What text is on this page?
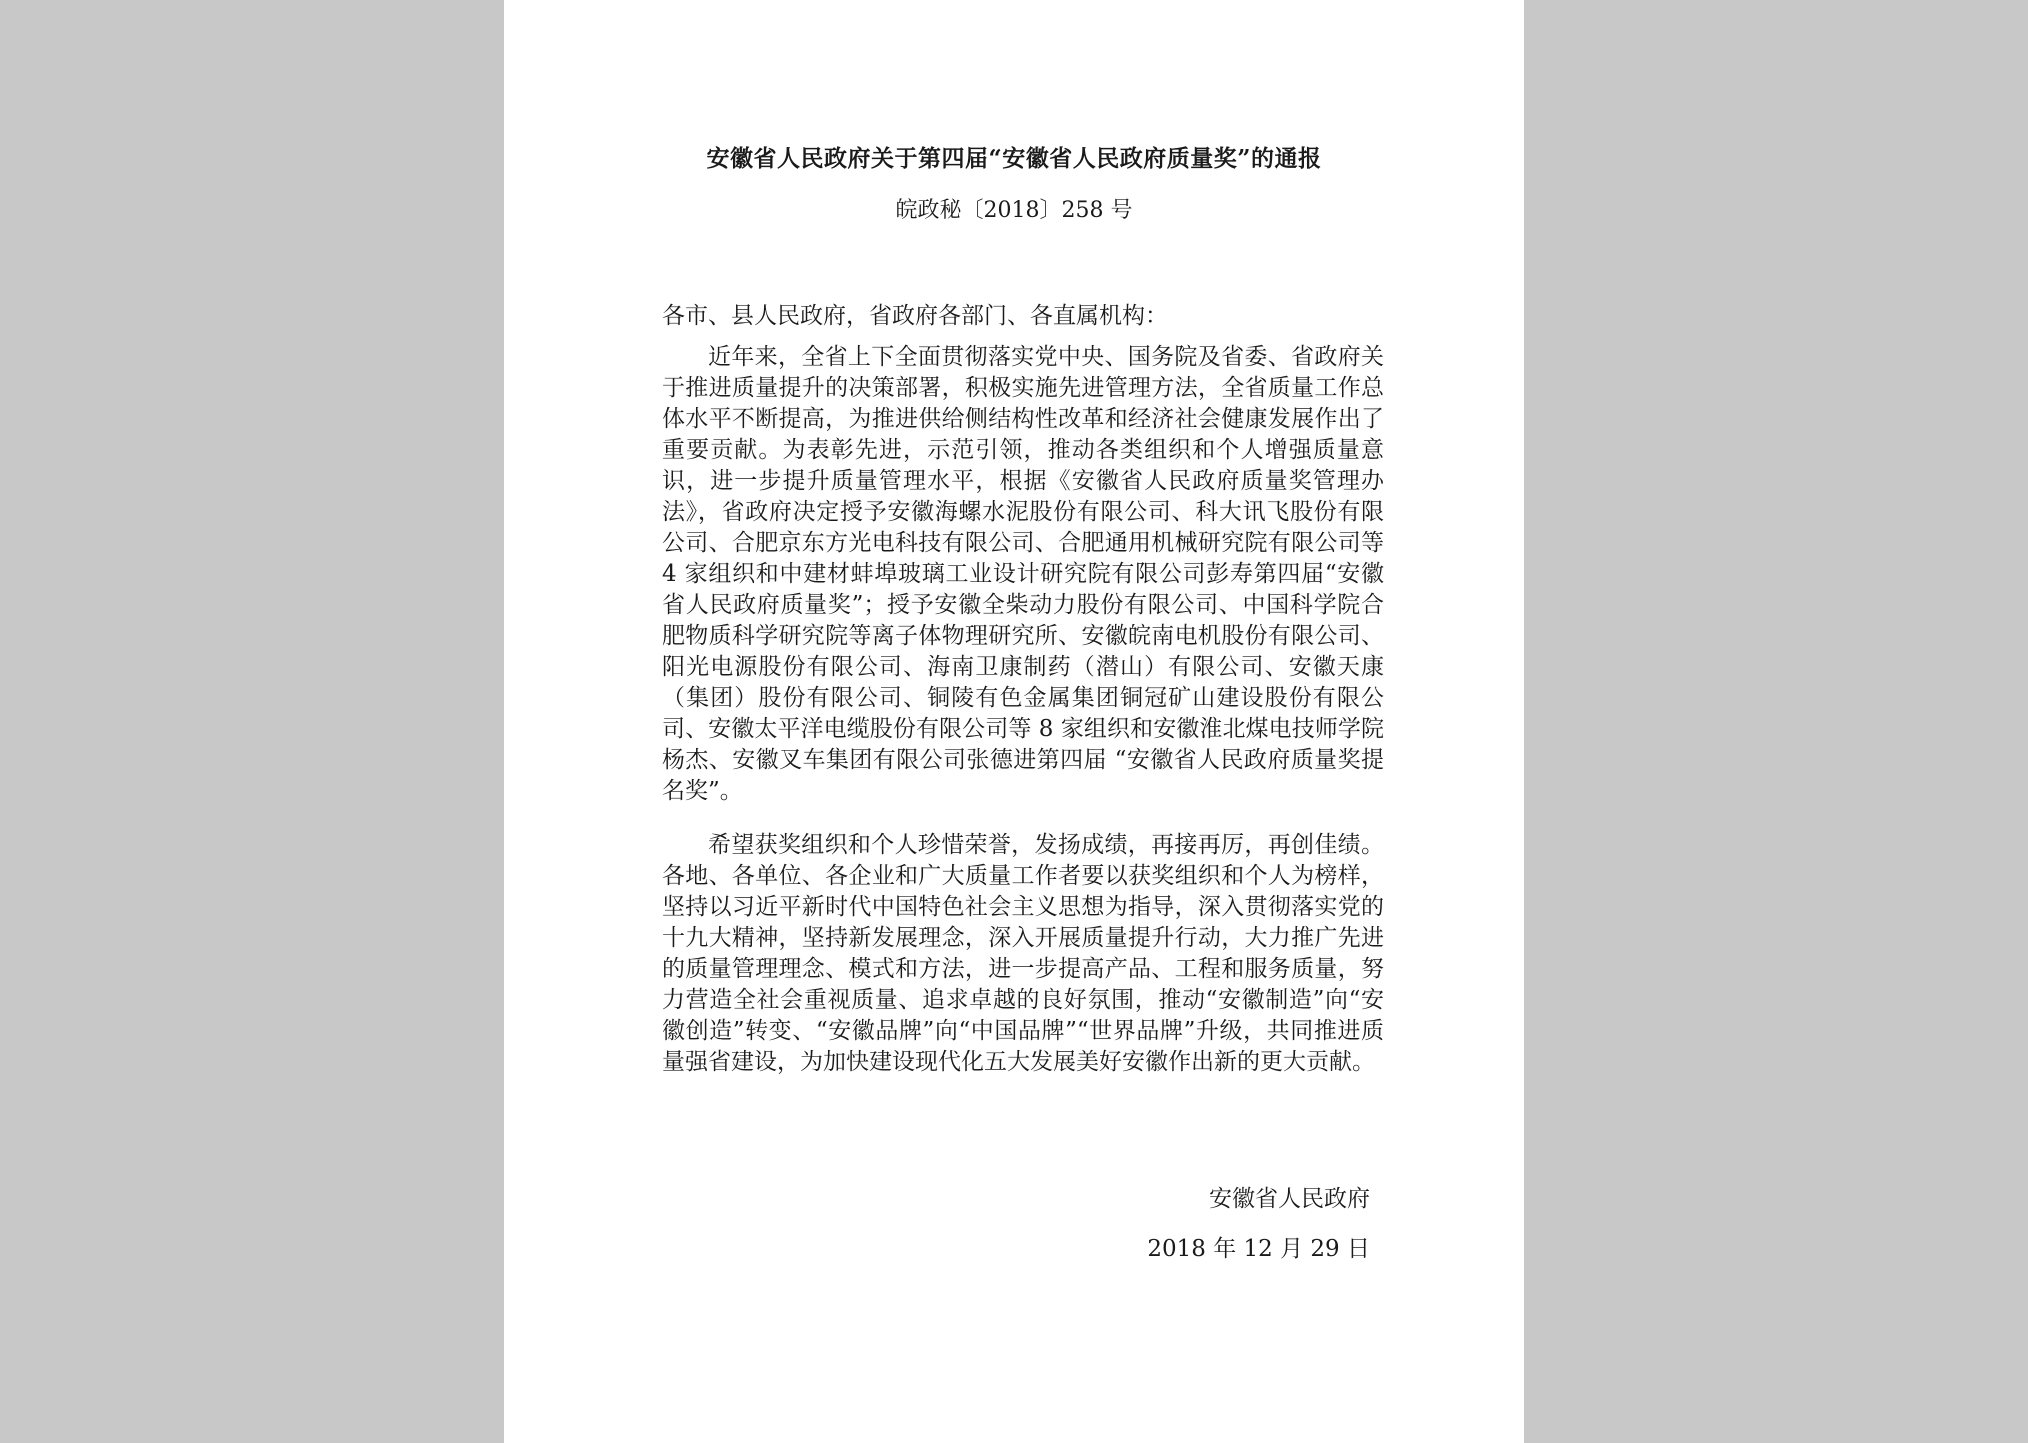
安徽省人民政府关于第四届“安徽省人民政府质量奖”的通报
皖政秘〔2018〕258 号
各市、县人民政府，省政府各部门、各直属机构：

近年来，全省上下全面贯彻落实党中央、国务院及省委、省政府关于推进质量提升的决策部署，积极实施先进管理方法，全省质量工作总体水平不断提高，为推进供给侧结构性改革和经济社会健康发展作出了重要贡献。为表彰先进，示范引领，推动各类组织和个人增强质量意识，进一步提升质量管理水平，根据《安徽省人民政府质量奖管理办法》，省政府决定授予安徽海螺水泥股份有限公司、科大讯飞股份有限公司、合肥京东方光电科技有限公司、合肥通用机械研究院有限公司等 4 家组织和中建材蚌埠玻璃工业设计研究院有限公司彭寿第四届“安徽省人民政府质量奖”；授予安徽全柴动力股份有限公司、中国科学院合肥物质科学研究院等离子体物理研究所、安徽皖南电机股份有限公司、阳光电源股份有限公司、海南卫康制药（潜山）有限公司、安徽天康（集团）股份有限公司、铜陵有色金属集团铜冠矿山建设股份有限公司、安徽太平洋电缆股份有限公司等 8 家组织和安徽淮北煤电技师学院杨杰、安徽叉车集团有限公司张德进第四届 “安徽省人民政府质量奖提名奖”。

希望获奖组织和个人珍惜荣誉，发扬成绩，再接再厉，再创佳绩。各地、各单位、各企业和广大质量工作者要以获奖组织和个人为榜样，坚持以习近平新时代中国特色社会主义思想为指导，深入贯彻落实党的十九大精神，坚持新发展理念，深入开展质量提升行动，大力推广先进的质量管理理念、模式和方法，进一步提高产品、工程和服务质量，努力营造全社会重视质量、追求卓越的良好氛围，推动“安徽制造”向“安徽创造”转变、“安徽品牌”向“中国品牌”“世界品牌”升级，共同推进质量强省建设，为加快建设现代化五大发展美好安徽作出新的更大贡献。

安徽省人民政府
2018 年 12 月 29 日
